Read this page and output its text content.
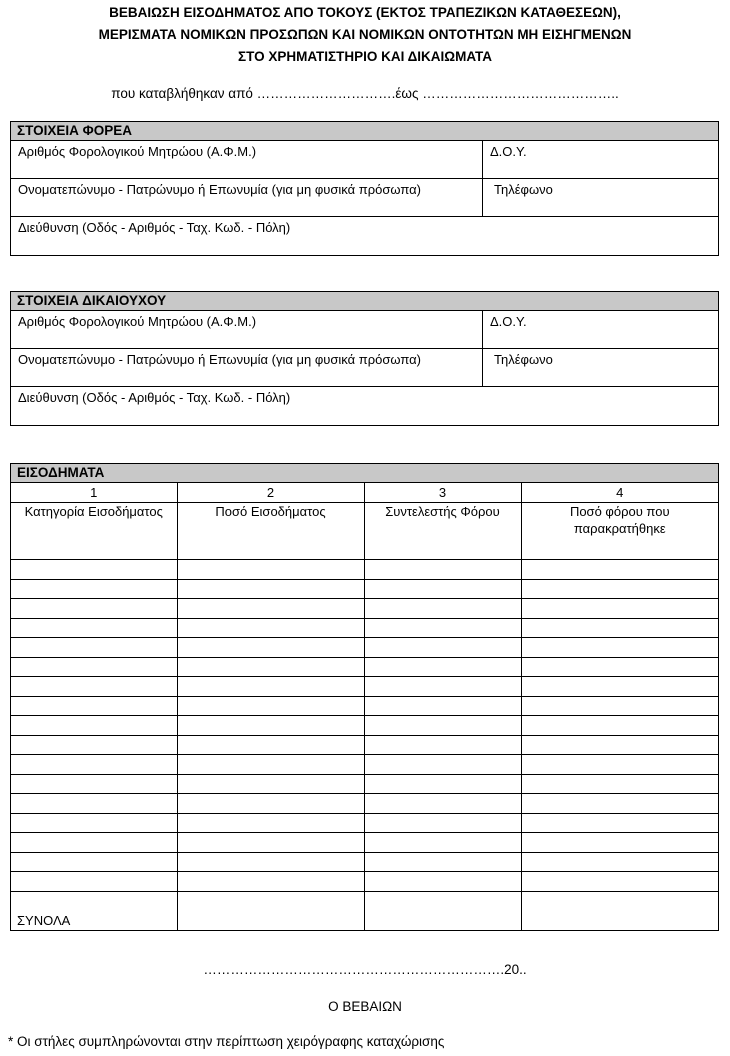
ΒΕΒΑΙΩΣΗ ΕΙΣΟΔΗΜΑΤΟΣ ΑΠΟ ΤΟΚΟΥΣ (ΕΚΤΟΣ ΤΡΑΠΕΖΙΚΩΝ ΚΑΤΑΘΕΣΕΩΝ),
ΜΕΡΙΣΜΑΤΑ ΝΟΜΙΚΩΝ ΠΡΟΣΩΠΩΝ ΚΑΙ ΝΟΜΙΚΩΝ ΟΝΤΟΤΗΤΩΝ ΜΗ ΕΙΣΗΓΜΕΝΩΝ
ΣΤΟ ΧΡΗΜΑΤΙΣΤΗΡΙΟ ΚΑΙ ΔΙΚΑΙΩΜΑΤΑ
που καταβλήθηκαν από ………………………….έως ……………………………………..
ΣΤΟΙΧΕΙΑ ΦΟΡΕΑ
Αριθμός Φορολογικού Μητρώου (Α.Φ.Μ.)	Δ.Ο.Υ.
Ονοματεπώνυμο - Πατρώνυμο ή Επωνυμία (για μη φυσικά πρόσωπα)	Τηλέφωνο
Διεύθυνση (Οδός - Αριθμός - Ταχ. Κωδ. - Πόλη)
ΣΤΟΙΧΕΙΑ ΔΙΚΑΙΟΥΧΟΥ
Αριθμός Φορολογικού Μητρώου (Α.Φ.Μ.)	Δ.Ο.Υ.
Ονοματεπώνυμο - Πατρώνυμο ή Επωνυμία (για μη φυσικά πρόσωπα)	Τηλέφωνο
Διεύθυνση (Οδός - Αριθμός - Ταχ. Κωδ. - Πόλη)
ΕΙΣΟΔΗΜΑΤΑ
1	2	3	4
Κατηγορία Εισοδήματος	Ποσό Εισοδήματος	Συντελεστής Φόρου	Ποσό φόρου που παρακρατήθηκε

ΣΥΝΟΛΑ			
………………………………………………………….20..
Ο ΒΕΒΑΙΩΝ
* Οι στήλες συμπληρώνονται στην περίπτωση χειρόγραφης καταχώρισης
